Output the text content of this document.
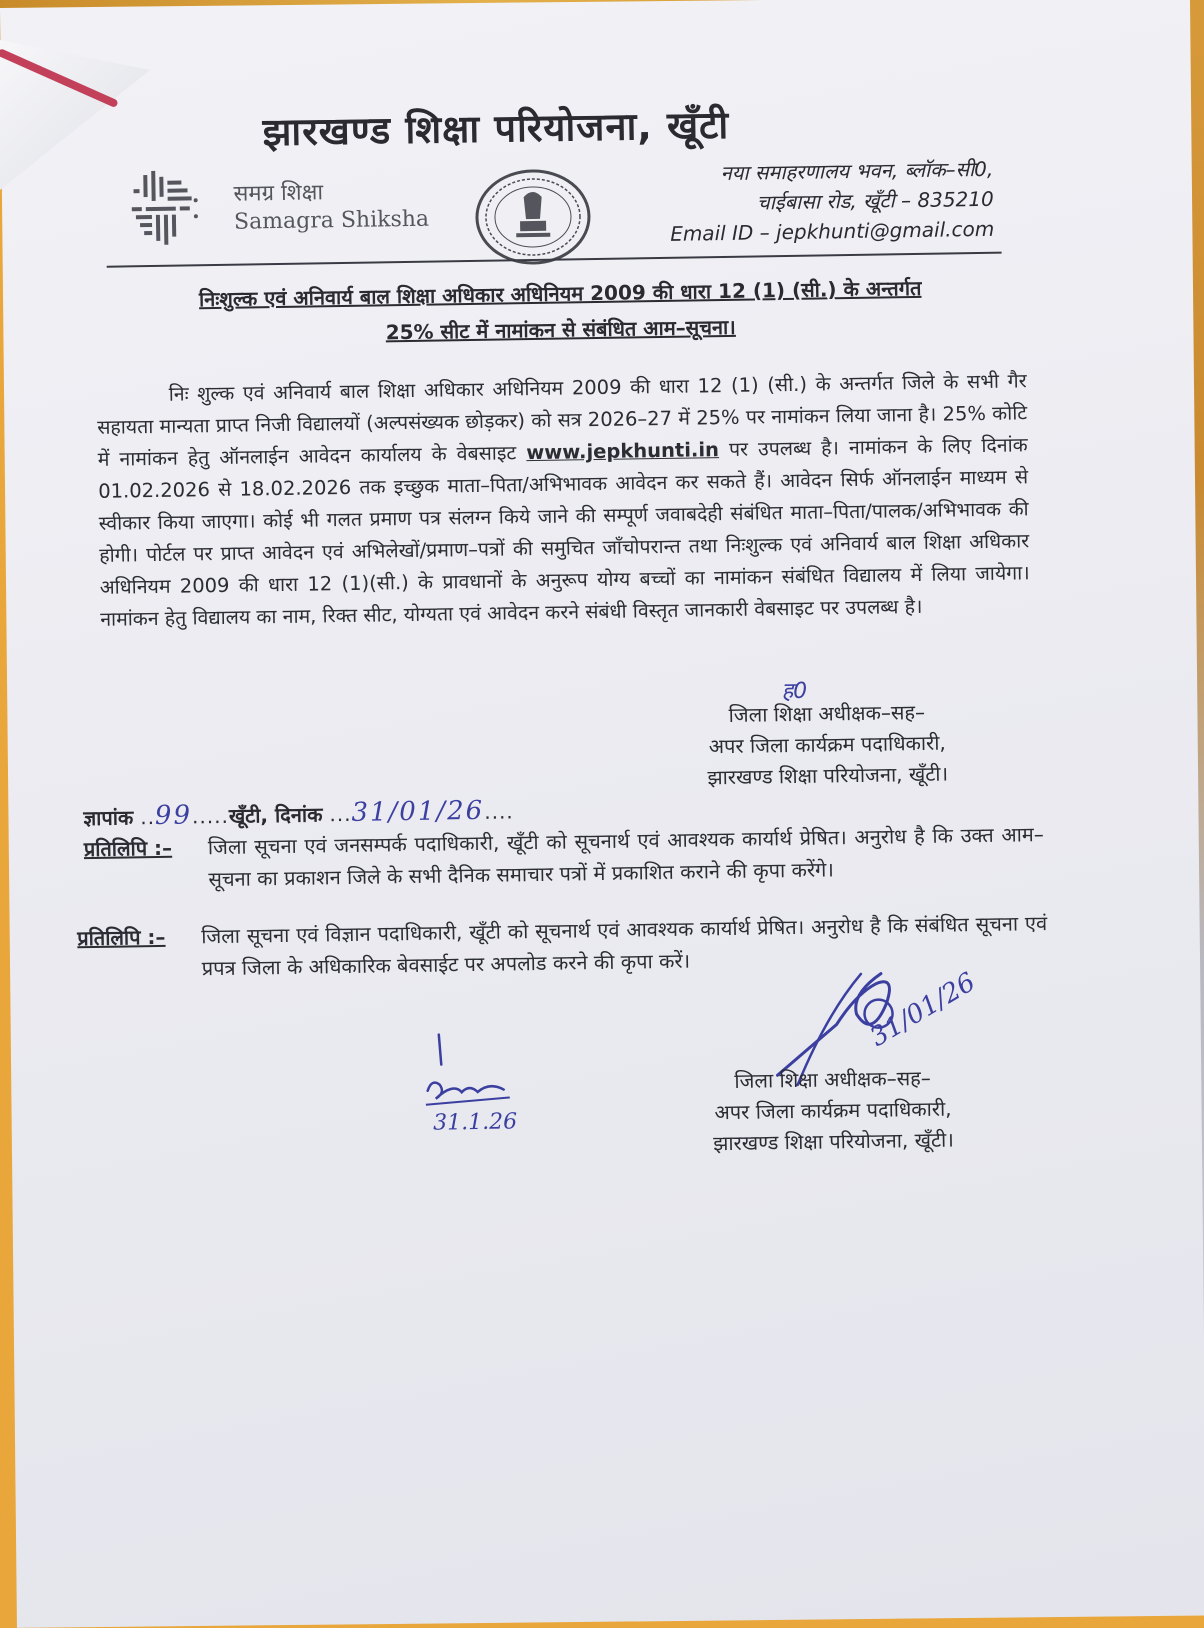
झारखण्ड शिक्षा परियोजना, खूँटी
समग्र शिक्षा
Samagra Shiksha
नया समाहरणालय भवन, ब्लॉक–सी0,
चाईबासा रोड, खूँटी – 835210
Email ID – jepkhunti@gmail.com
निःशुल्क एवं अनिवार्य बाल शिक्षा अधिकार अधिनियम 2009 की धारा 12 (1) (सी.) के अन्तर्गत
25% सीट में नामांकन से संबंधित आम–सूचना।
निः शुल्क एवं अनिवार्य बाल शिक्षा अधिकार अधिनियम 2009 की धारा 12 (1) (सी.) के अन्तर्गत जिले के सभी गैर सहायता मान्यता प्राप्त निजी विद्यालयों (अल्पसंख्यक छोड़कर) को सत्र 2026–27 में 25% पर नामांकन लिया जाना है। 25% कोटि में नामांकन हेतु ऑनलाईन आवेदन कार्यालय के वेबसाइट www.jepkhunti.in पर उपलब्ध है। नामांकन के लिए दिनांक 01.02.2026 से 18.02.2026 तक इच्छुक माता–पिता/अभिभावक आवेदन कर सकते हैं। आवेदन सिर्फ ऑनलाईन माध्यम से स्वीकार किया जाएगा। कोई भी गलत प्रमाण पत्र संलग्न किये जाने की सम्पूर्ण जवाबदेही संबंधित माता–पिता/पालक/अभिभावक की होगी। पोर्टल पर प्राप्त आवेदन एवं अभिलेखों/प्रमाण–पत्रों की समुचित जाँचोपरान्त तथा निःशुल्क एवं अनिवार्य बाल शिक्षा अधिकार अधिनियम 2009 की धारा 12 (1)(सी.) के प्रावधानों के अनुरूप योग्य बच्चों का नामांकन संबंधित विद्यालय में लिया जायेगा। नामांकन हेतु विद्यालय का नाम, रिक्त सीट, योग्यता एवं आवेदन करने संबंधी विस्तृत जानकारी वेबसाइट पर उपलब्ध है।
ह0
जिला शिक्षा अधीक्षक–सह–
अपर जिला कार्यक्रम पदाधिकारी,
झारखण्ड शिक्षा परियोजना, खूँटी।
ज्ञापांक ..99.....खूँटी, दिनांक ...31/01/26....
प्रतिलिपि :– जिला सूचना एवं जनसम्पर्क पदाधिकारी, खूँटी को सूचनार्थ एवं आवश्यक कार्यार्थ प्रेषित। अनुरोध है कि उक्त आम–सूचना का प्रकाशन जिले के सभी दैनिक समाचार पत्रों में प्रकाशित कराने की कृपा करेंगे।
प्रतिलिपि :– जिला सूचना एवं विज्ञान पदाधिकारी, खूँटी को सूचनार्थ एवं आवश्यक कार्यार्थ प्रेषित। अनुरोध है कि संबंधित सूचना एवं प्रपत्र जिला के अधिकारिक बेवसाईट पर अपलोड करने की कृपा करें।
31/01/26
जिला शिक्षा अधीक्षक–सह–
अपर जिला कार्यक्रम पदाधिकारी,
झारखण्ड शिक्षा परियोजना, खूँटी।
31.1.26
